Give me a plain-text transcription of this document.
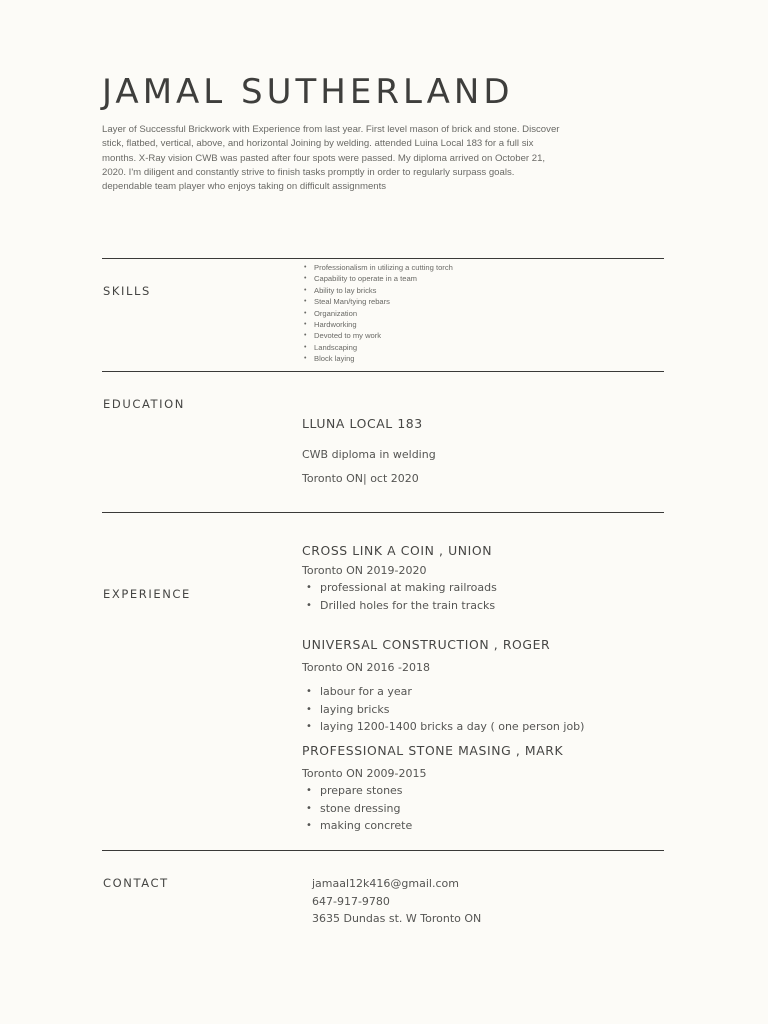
JAMAL SUTHERLAND

Layer of Successful Brickwork with Experience from last year. First level mason of brick and stone. Discover stick, flatbed, vertical, above, and horizontal Joining by welding. attended Luina Local 183 for a full six months. X-Ray vision CWB was pasted after four spots were passed. My diploma arrived on October 21, 2020. I'm diligent and constantly strive to finish tasks promptly in order to regularly surpass goals. dependable team player who enjoys taking on difficult assignments

SKILLS
• Professionalism in utilizing a cutting torch
• Capability to operate in a team
• Ability to lay bricks
• Steal Man/tying rebars
• Organization
• Hardworking
• Devoted to my work
• Landscaping
• Block laying
EDUCATION
LLUNA LOCAL 183
CWB diploma in welding
Toronto ON| oct 2020
EXPERIENCE
CROSS LINK A COIN , UNION
Toronto ON 2019-2020
• professional at making railroads
• Drilled holes for the train tracks
UNIVERSAL CONSTRUCTION , ROGER
Toronto ON 2016 -2018
• labour for a year
• laying bricks
• laying 1200-1400 bricks a day ( one person job)
PROFESSIONAL STONE MASING , MARK
Toronto ON 2009-2015
• prepare stones
• stone dressing
• making concrete
CONTACT	jamaal12k416@gmail.com
647-917-9780
3635 Dundas st. W Toronto ON
